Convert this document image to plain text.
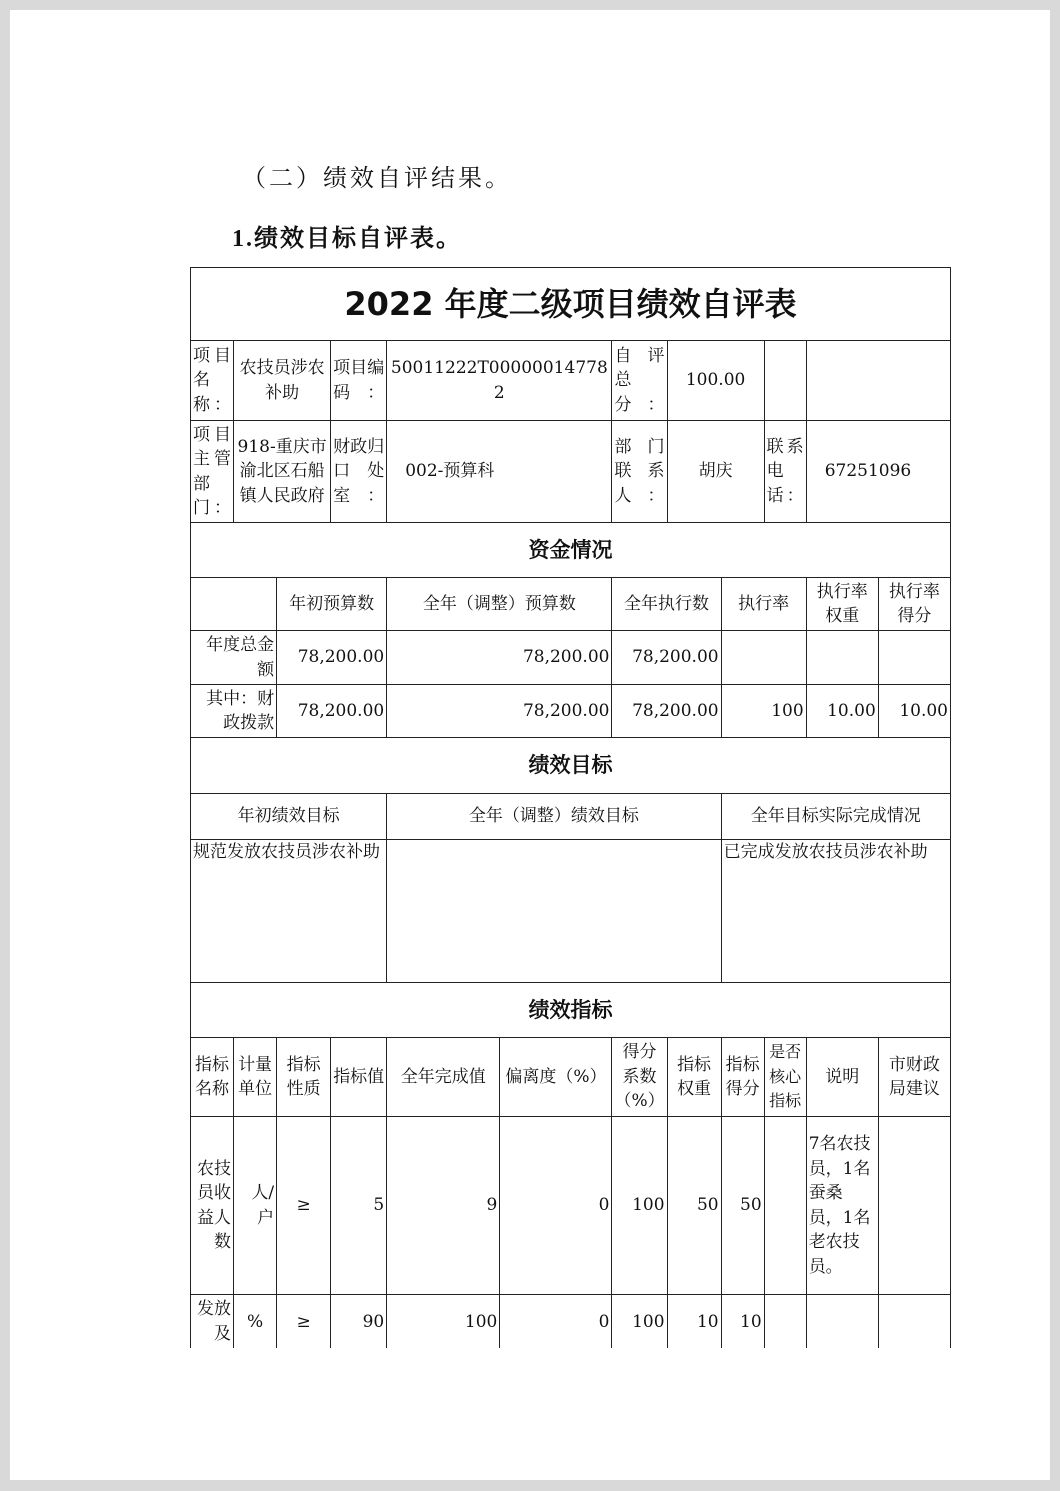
（二）绩效自评结果。
1.绩效目标自评表。
2022 年度二级项目绩效自评表											
项目名称：	农技员涉农补助		项目编码：	50011222T000000147782		自评总分：	100.00				
项目主管部门：	918-重庆市渝北区石船镇人民政府		财政归口处室：	002-预算科		部门联系人：	胡庆		联系电话：	67251096	
资金情况											
		年初预算数		全年（调整）预算数		全年执行数		执行率		执行率权重	执行率得分
年度总金额		78,200.00		78,200.00		78,200.00					
其中：财政拨款		78,200.00		78,200.00		78,200.00		100		10.00	10.00
绩效目标											
年初绩效目标				全年（调整）绩效目标				全年目标实际完成情况			
规范发放农技员涉农补助								已完成发放农技员涉农补助			
绩效指标											
指标名称	计量单位	指标性质	指标值	全年完成值	偏离度（%）	得分系数（%）	指标权重	指标得分	是否核心指标	说明	市财政局建议
农技员收益人数	人/户	≥	5	9	0	100	50	50		7名农技员，1名蚕桑员，1名老农技员。	
发放及	%	≥	90	100	0	100	10	10			
